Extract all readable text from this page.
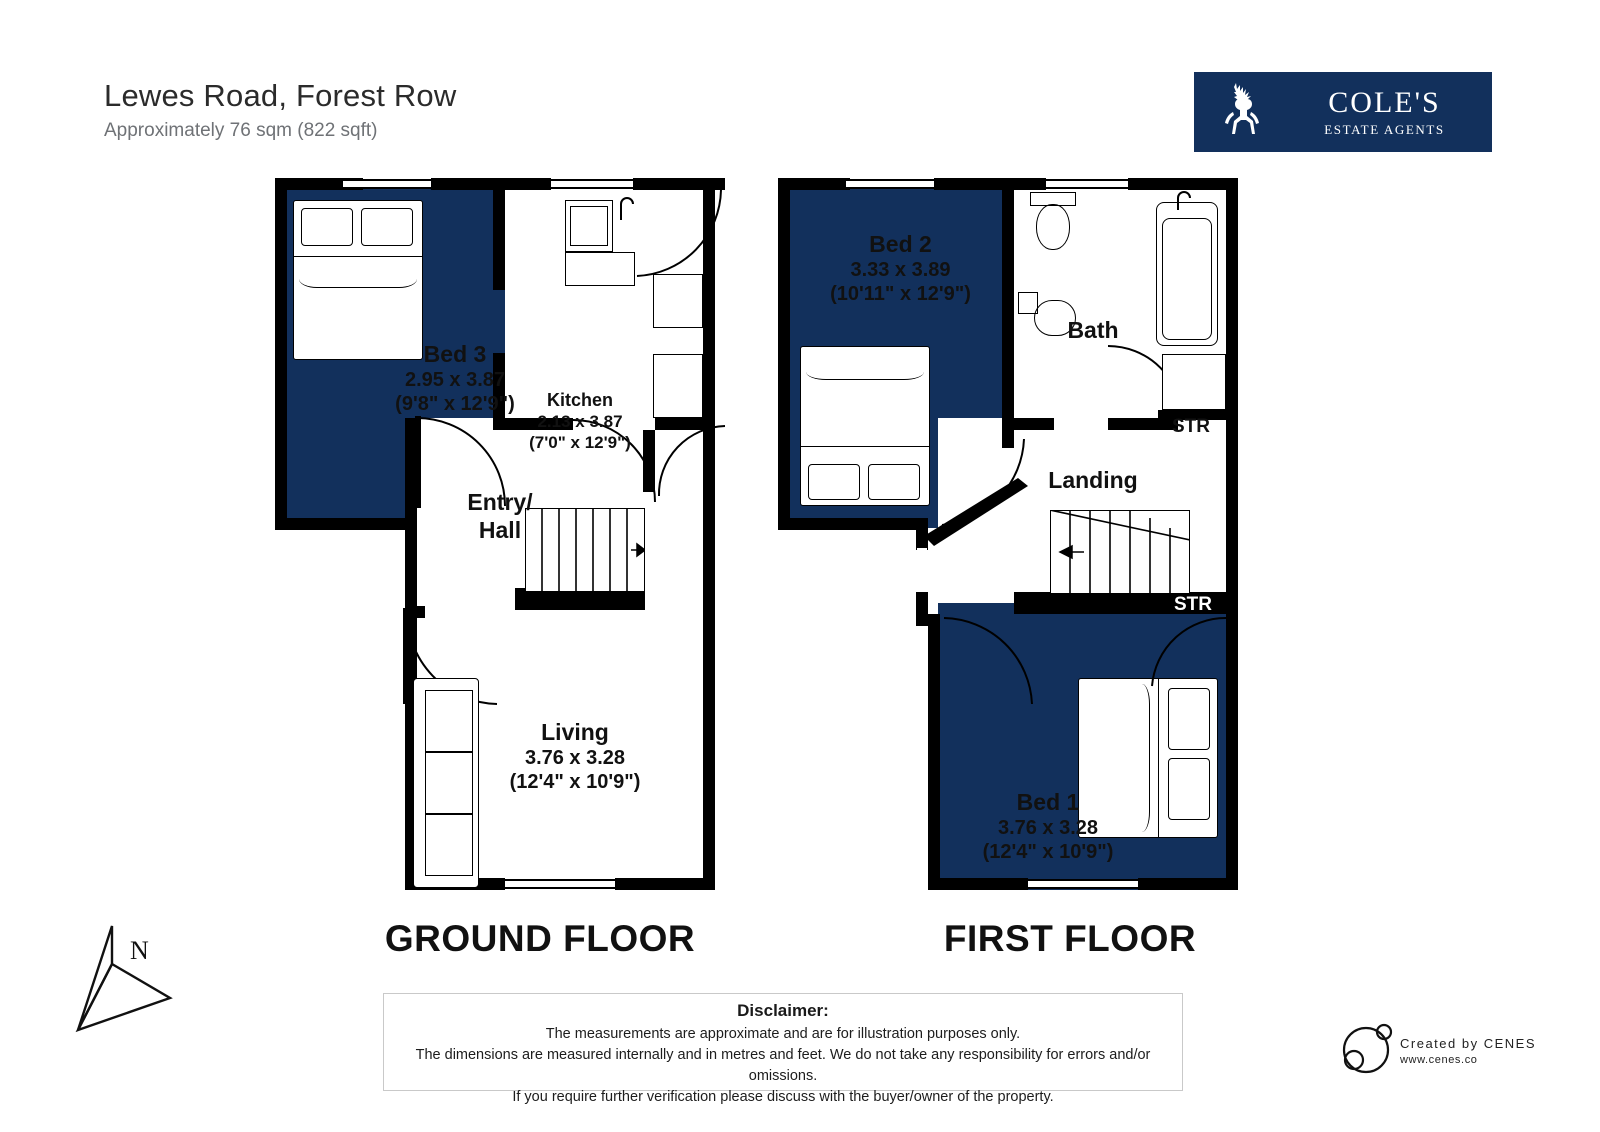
Lewes Road, Forest Row
Approximately 76 sqm (822 sqft)
COLE'S
ESTATE AGENTS
Bed 3
2.95 x 3.87
(9'8" x 12'9")	Kitchen
2.13 x 3.87
(7'0" x 12'9")
Entry/
Hall
Living
3.76 x 3.28
(12'4" x 10'9")
GROUND FLOOR
Bed 2
3.33 x 3.89
(10'11" x 12'9")
Bath
Landing
Bed 1
3.76 x 3.28
(12'4" x 10'9")
STR
STR
FIRST FLOOR
N
Disclaimer:
The measurements are approximate and are for illustration purposes only.
The dimensions are measured internally and in metres and feet. We do not take any responsibility for errors and/or omissions.
If you require further verification please discuss with the buyer/owner of the property.
Created by CENES
www.cenes.co
